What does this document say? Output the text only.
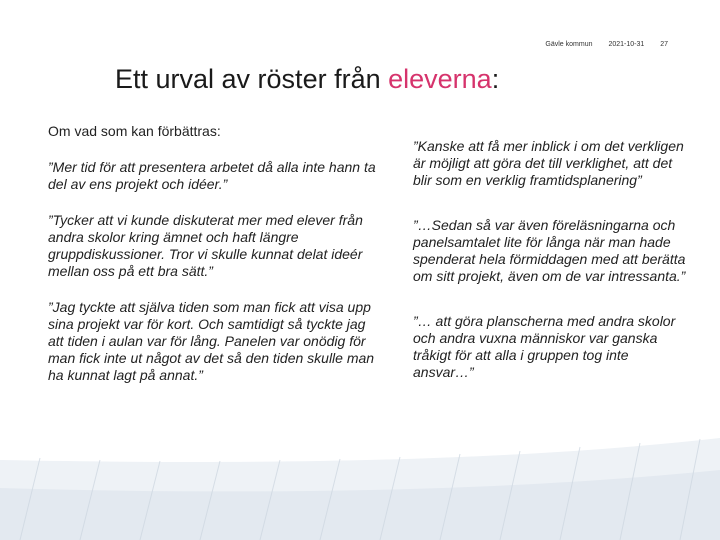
Gävle kommun 2021-10-31 27
Ett urval av röster från eleverna:

Om vad som kan förbättras:

”Mer tid för att presentera arbetet då alla inte hann ta del av ens projekt och idéer.”

”Tycker att vi kunde diskuterat mer med elever från andra skolor kring ämnet och haft längre gruppdiskussioner. Tror vi skulle kunnat delat ideér mellan oss på ett bra sätt.”

”Jag tyckte att själva tiden som man fick att visa upp sina projekt var för kort. Och samtidigt så tyckte jag att tiden i aulan var för lång. Panelen var onödig för man fick inte ut något av det så den tiden skulle man ha kunnat lagt på annat.”

”Kanske att få mer inblick i om det verkligen är möjligt att göra det till verklighet, att det blir som en verklig framtidsplanering”

”…Sedan så var även föreläsningarna och panelsamtalet lite för långa när man hade spenderat hela förmiddagen med att berätta om sitt projekt, även om de var intressanta.”

”… att göra planscherna med andra skolor och andra vuxna människor var ganska tråkigt för att alla i gruppen tog inte ansvar…”
